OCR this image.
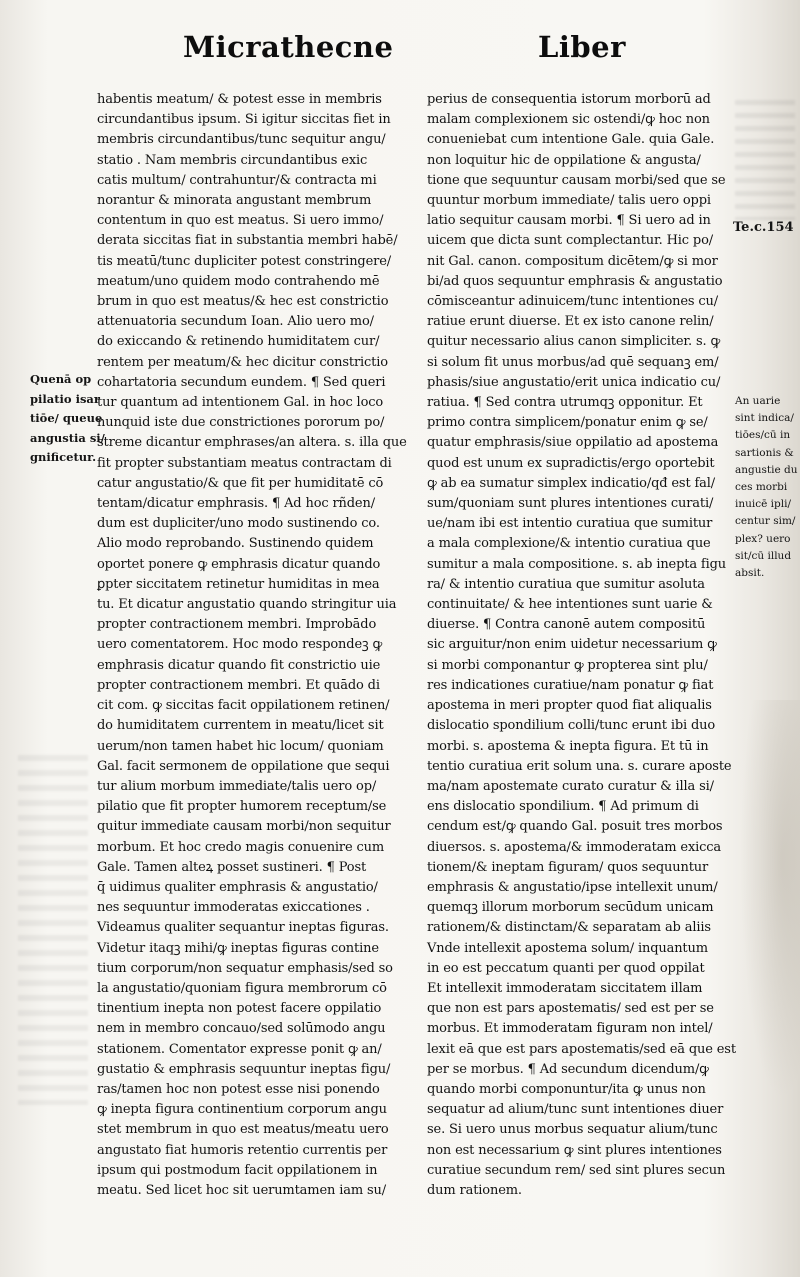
Micrathecne	Liber
Quenā op
pilatio isar
tiōe/ queue
angustia si/
gnificetur.
Te.c.154
An uarie
sint indica/
tiōes/cū in
sartionis &
angustie du
ces morbi
inuicē ipli/
centur sim/
plex? uero
sit/cū illud
absit.
habentis meatum/ & potest esse in membris
circundantibus ipsum. Si igitur siccitas fiet in
membris circundantibus/tunc sequitur angu/
statio . Nam membris circundantibus exic
catis multum/ contrahuntur/& contracta mi
norantur & minorata angustant membrum
contentum in quo est meatus. Si uero immo/
derata siccitas fiat in substantia membri habē/
tis meatū/tunc dupliciter potest constringere/
meatum/uno quidem modo contrahendo mē
brum in quo est meatus/& hec est constrictio
attenuatoria secundum Ioan. Alio uero mo/
do exiccando & retinendo humiditatem cur/
rentem per meatum/& hec dicitur constrictio
cohartatoria secundum eundem. ¶ Sed queri
tur quantum ad intentionem Gal. in hoc loco
nunquid iste due constrictiones pororum po/
streme dicantur emphrases/an altera. s. illa que
fit propter substantiam meatus contractam di
catur angustatio/& que fit per humiditatē cō
tentam/dicatur emphrasis. ¶ Ad hoc rñden/
dum est dupliciter/uno modo sustinendo co.
Alio modo reprobando. Sustinendo quidem
oportet ponere ꝙ emphrasis dicatur quando
ꝑpter siccitatem retinetur humiditas in mea
tu. Et dicatur angustatio quando stringitur uia
propter contractionem membri. Improbādo
uero comentatorem. Hoc modo respondeꝫ ꝙ
emphrasis dicatur quando fit constrictio uie
propter contractionem membri. Et quādo di
cit com. ꝙ siccitas facit oppilationem retinen/
do humiditatem currentem in meatu/licet sit
uerum/non tamen habet hic locum/ quoniam
Gal. facit sermonem de oppilatione que sequi
tur alium morbum immediate/talis uero op/
pilatio que fit propter humorem receptum/se
quitur immediate causam morbi/non sequitur
morbum. Et hoc credo magis conuenire cum
Gale. Tamen alteꝝ posset sustineri. ¶ Post
q̄ uidimus qualiter emphrasis & angustatio/
nes sequuntur immoderatas exiccationes .
Videamus qualiter sequantur ineptas figuras.
Videtur itaqꝫ mihi/ꝙ ineptas figuras contine
tium corporum/non sequatur emphasis/sed so
la angustatio/quoniam figura membrorum cō
tinentium inepta non potest facere oppilatio
nem in membro concauo/sed solūmodo angu
stationem. Comentator expresse ponit ꝙ an/
gustatio & emphrasis sequuntur ineptas figu/
ras/tamen hoc non potest esse nisi ponendo
ꝙ inepta figura continentium corporum angu
stet membrum in quo est meatus/meatu uero
angustato fiat humoris retentio currentis per
ipsum qui postmodum facit oppilationem in
meatu. Sed licet hoc sit uerumtamen iam su/
perius de consequentia istorum morborū ad
malam complexionem sic ostendi/ꝙ hoc non
conueniebat cum intentione Gale. quia Gale.
non loquitur hic de oppilatione & angusta/
tione que sequuntur causam morbi/sed que se
quuntur morbum immediate/ talis uero oppi
latio sequitur causam morbi. ¶ Si uero ad in
uicem que dicta sunt complectantur. Hic po/
nit Gal. canon. compositum dicētem/ꝙ si mor
bi/ad quos sequuntur emphrasis & angustatio
cōmisceantur adinuicem/tunc intentiones cu/
ratiue erunt diuerse. Et ex isto canone relin/
quitur necessario alius canon simpliciter. s. ꝙ
si solum fit unus morbus/ad quē sequanꝫ em/
phasis/siue angustatio/erit unica indicatio cu/
ratiua. ¶ Sed contra utrumqꝫ opponitur. Et
primo contra simplicem/ponatur enim ꝙ se/
quatur emphrasis/siue oppilatio ad apostema
quod est unum ex supradictis/ergo oportebit
ꝙ ab ea sumatur simplex indicatio/qđ est fal/
sum/quoniam sunt plures intentiones curati/
ue/nam ibi est intentio curatiua que sumitur
a mala complexione/& intentio curatiua que
sumitur a mala compositione. s. ab inepta figu
ra/ & intentio curatiua que sumitur asoluta
continuitate/ & hee intentiones sunt uarie &
diuerse. ¶ Contra canonē autem compositū
sic arguitur/non enim uidetur necessarium ꝙ
si morbi componantur ꝙ propterea sint plu/
res indicationes curatiue/nam ponatur ꝙ fiat
apostema in meri propter quod fiat aliqualis
dislocatio spondilium colli/tunc erunt ibi duo
morbi. s. apostema & inepta figura. Et tū in
tentio curatiua erit solum una. s. curare aposte
ma/nam apostemate curato curatur & illa si/
ens dislocatio spondilium. ¶ Ad primum di
cendum est/ꝙ quando Gal. posuit tres morbos
diuersos. s. apostema/& immoderatam exicca
tionem/& ineptam figuram/ quos sequuntur
emphrasis & angustatio/ipse intellexit unum/
quemqꝫ illorum morborum secūdum unicam
rationem/& distinctam/& separatam ab aliis
Vnde intellexit apostema solum/ inquantum
in eo est peccatum quanti per quod oppilat
Et intellexit immoderatam siccitatem illam
que non est pars apostematis/ sed est per se
morbus. Et immoderatam figuram non intel/
lexit eā que est pars apostematis/sed eā que est
per se morbus. ¶ Ad secundum dicendum/ꝙ
quando morbi componuntur/ita ꝙ unus non
sequatur ad alium/tunc sunt intentiones diuer
se. Si uero unus morbus sequatur alium/tunc
non est necessarium ꝙ sint plures intentiones
curatiue secundum rem/ sed sint plures secun
dum rationem.
